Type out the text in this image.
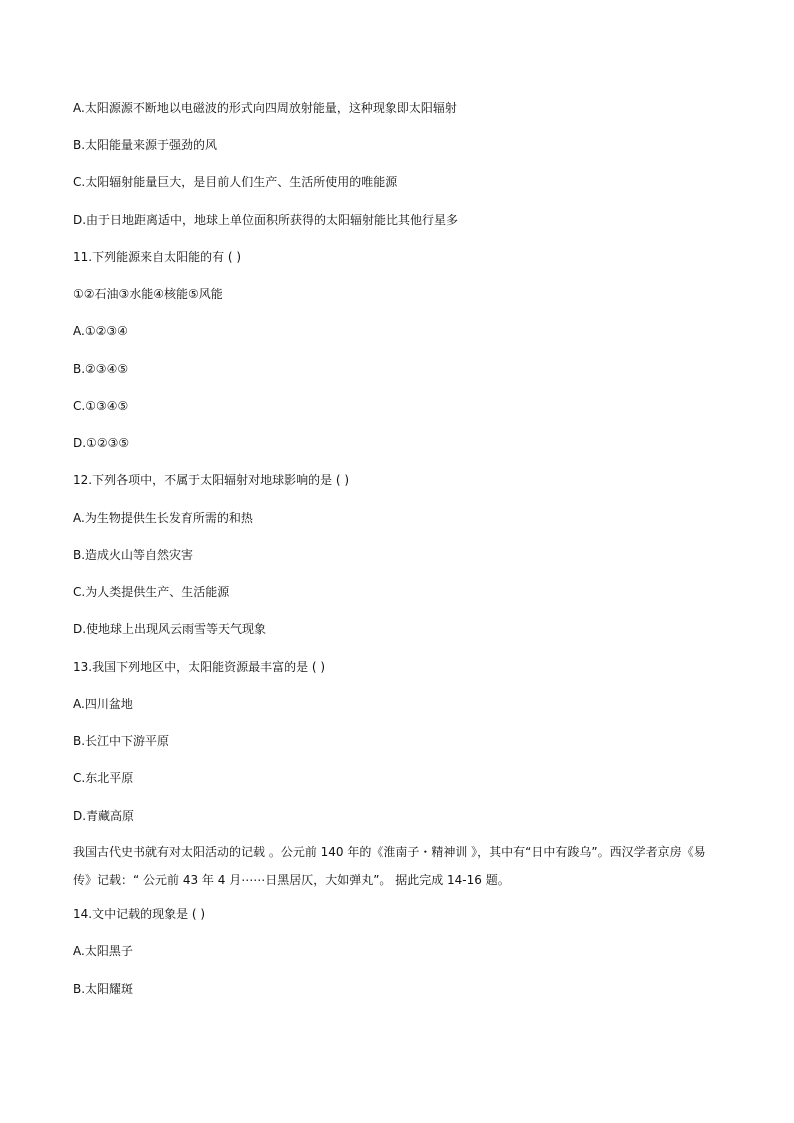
A.太阳源源不断地以电磁波的形式向四周放射能量，这种现象即太阳辐射
B.太阳能量来源于强劲的风
C.太阳辐射能量巨大，是目前人们生产、生活所使用的唯能源
D.由于日地距离适中，地球上单位面积所获得的太阳辐射能比其他行星多
11.下列能源来自太阳能的有 ( )
①②石油③水能④核能⑤风能
A.①②③④
B.②③④⑤
C.①③④⑤
D.①②③⑤
12.下列各项中，不属于太阳辐射对地球影响的是 ( )
A.为生物提供生长发育所需的和热
B.造成火山等自然灾害
C.为人类提供生产、生活能源
D.使地球上出现风云雨雪等天气现象
13.我国下列地区中，太阳能资源最丰富的是 ( )
A.四川盆地
B.长江中下游平原
C.东北平原
D.青藏高原
我国古代史书就有对太阳活动的记载 。公元前 140 年的《淮南子・精神训 》，其中有“日中有踆乌”。西汉学者京房《易传》记载：“ 公元前 43 年 4 月⋯⋯日黑居仄，大如弹丸”。 据此完成 14-16 题。
14.文中记载的现象是 ( )
A.太阳黑子
B.太阳耀斑
